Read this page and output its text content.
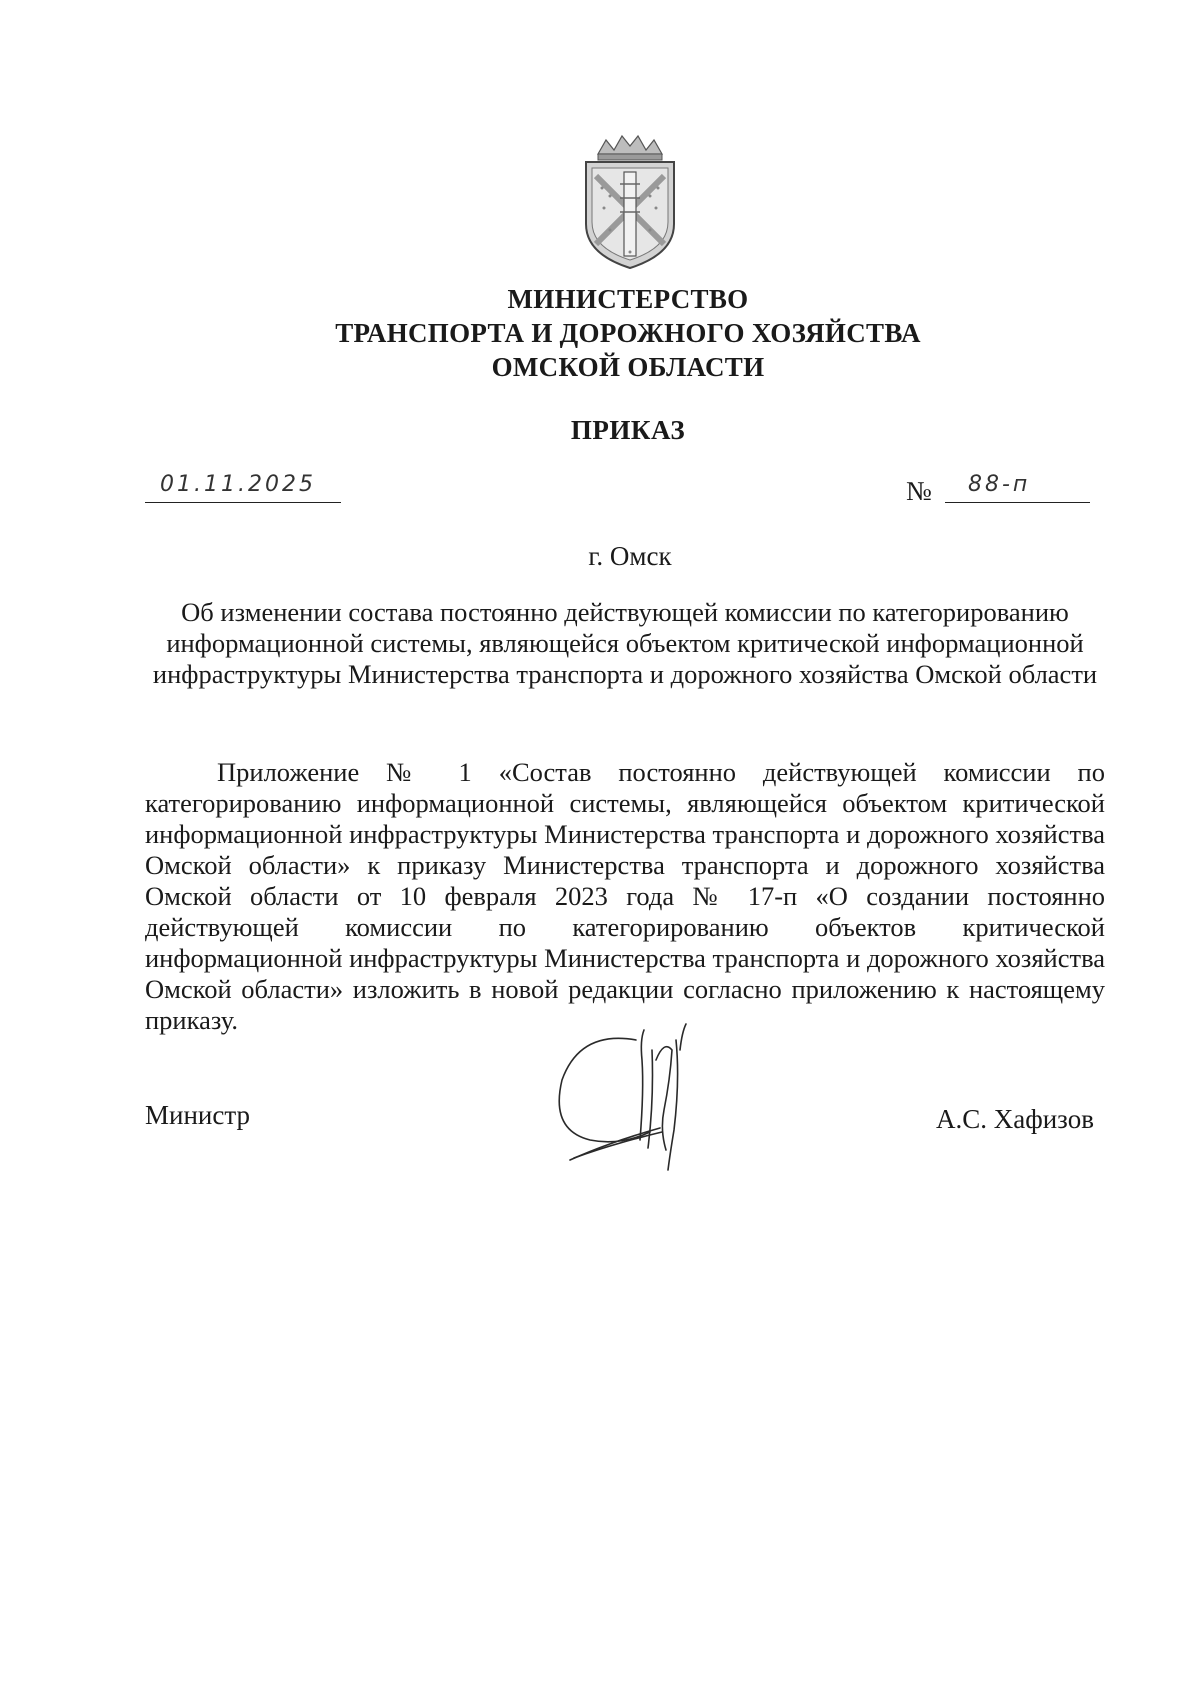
МИНИСТЕРСТВО
ТРАНСПОРТА И ДОРОЖНОГО ХОЗЯЙСТВА
ОМСКОЙ ОБЛАСТИ
ПРИКАЗ
01.11.2025	№ 88-п
г. Омск
Об изменении состава постоянно действующей комиссии по категорированию информационной системы, являющейся объектом критической информационной инфраструктуры Министерства транспорта и дорожного хозяйства Омской области
Приложение № 1 «Состав постоянно действующей комиссии по категорированию информационной системы, являющейся объектом критической информационной инфраструктуры Министерства транспорта и дорожного хозяйства Омской области» к приказу Министерства транспорта и дорожного хозяйства Омской области от 10 февраля 2023 года № 17-п «О создании постоянно действующей комиссии по категорированию объектов критической информационной инфраструктуры Министерства транспорта и дорожного хозяйства Омской области» изложить в новой редакции согласно приложению к настоящему приказу.
Министр	А.С. Хафизов
